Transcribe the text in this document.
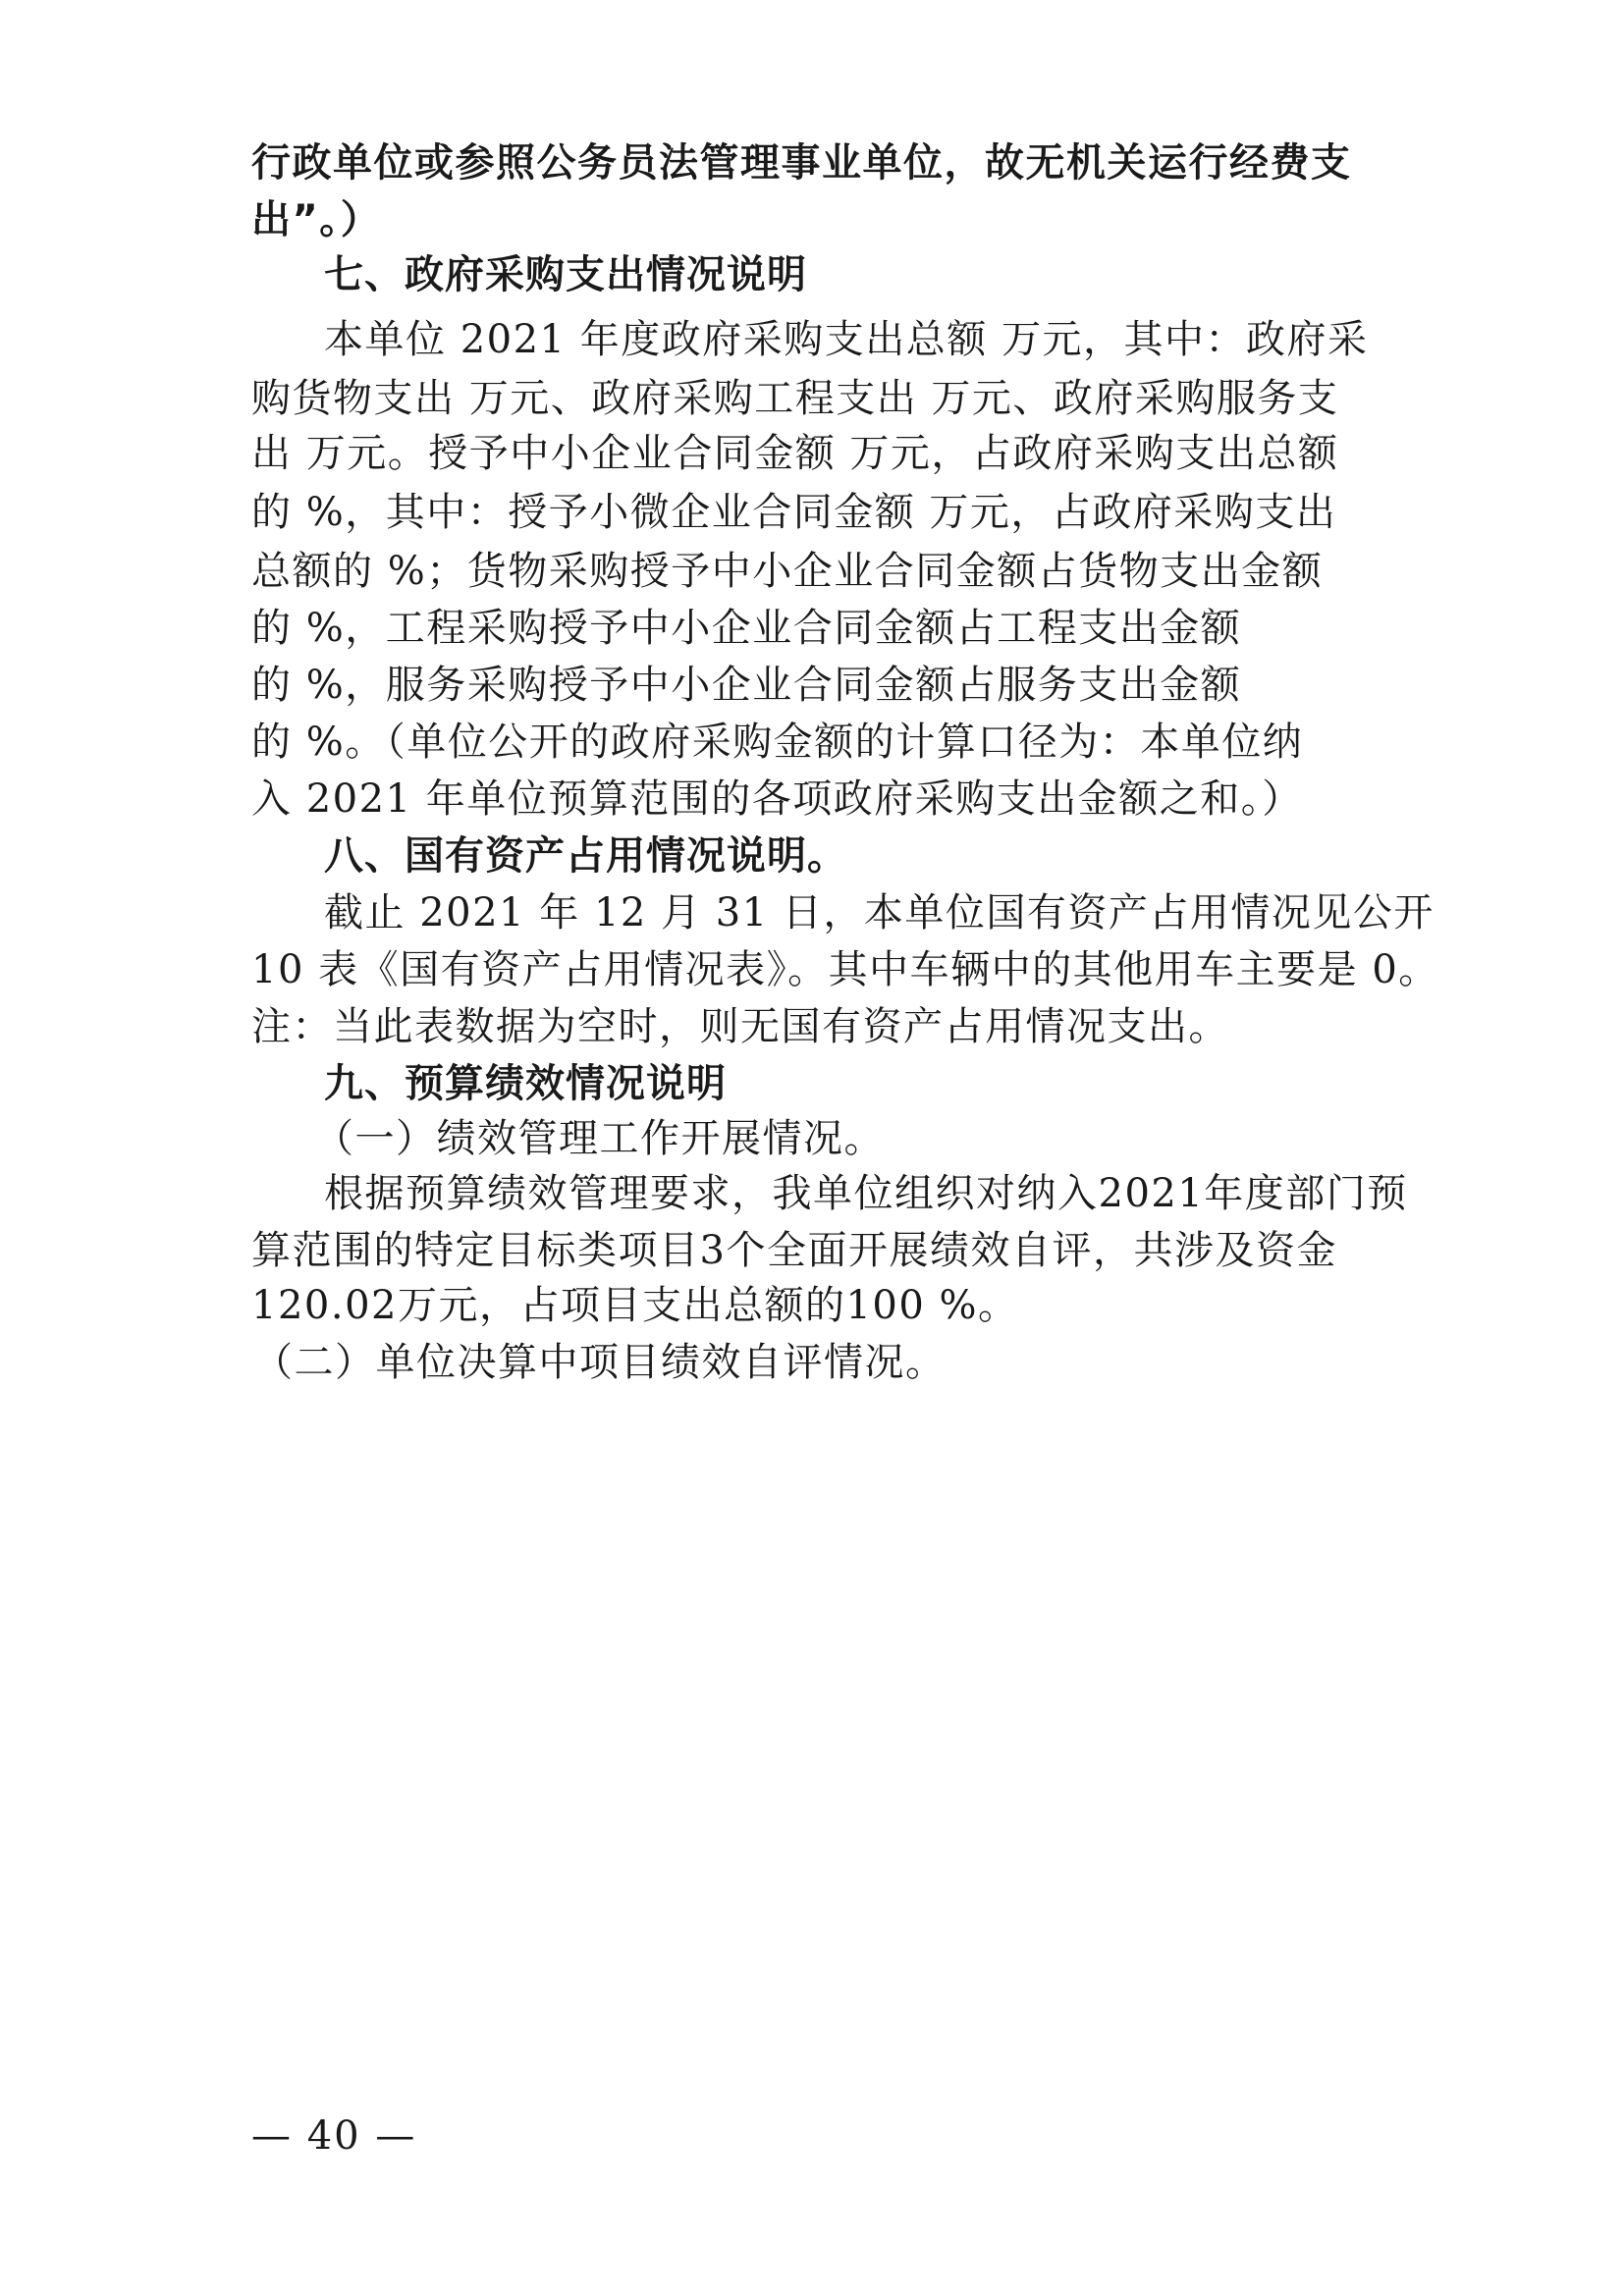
行政单位或参照公务员法管理事业单位，故无机关运行经费支
出”。）
七、政府采购支出情况说明
本单位 2021 年度政府采购支出总额 万元，其中：政府采
购货物支出 万元、政府采购工程支出 万元、政府采购服务支
出 万元。授予中小企业合同金额 万元，占政府采购支出总额
的 %，其中：授予小微企业合同金额 万元，占政府采购支出
总额的 %；货物采购授予中小企业合同金额占货物支出金额
的 %，工程采购授予中小企业合同金额占工程支出金额
的 %，服务采购授予中小企业合同金额占服务支出金额
的 %。（单位公开的政府采购金额的计算口径为：本单位纳
入 2021 年单位预算范围的各项政府采购支出金额之和。）
八、国有资产占用情况说明。
截止 2021 年 12 月 31 日，本单位国有资产占用情况见公开
10 表《国有资产占用情况表》。其中车辆中的其他用车主要是 0。
注：当此表数据为空时，则无国有资产占用情况支出。
九、预算绩效情况说明
（一）绩效管理工作开展情况。
根据预算绩效管理要求，我单位组织对纳入2021年度部门预
算范围的特定目标类项目3个全面开展绩效自评，共涉及资金
120.02万元，占项目支出总额的100 %。
（二）单位决算中项目绩效自评情况。
— 40 —
